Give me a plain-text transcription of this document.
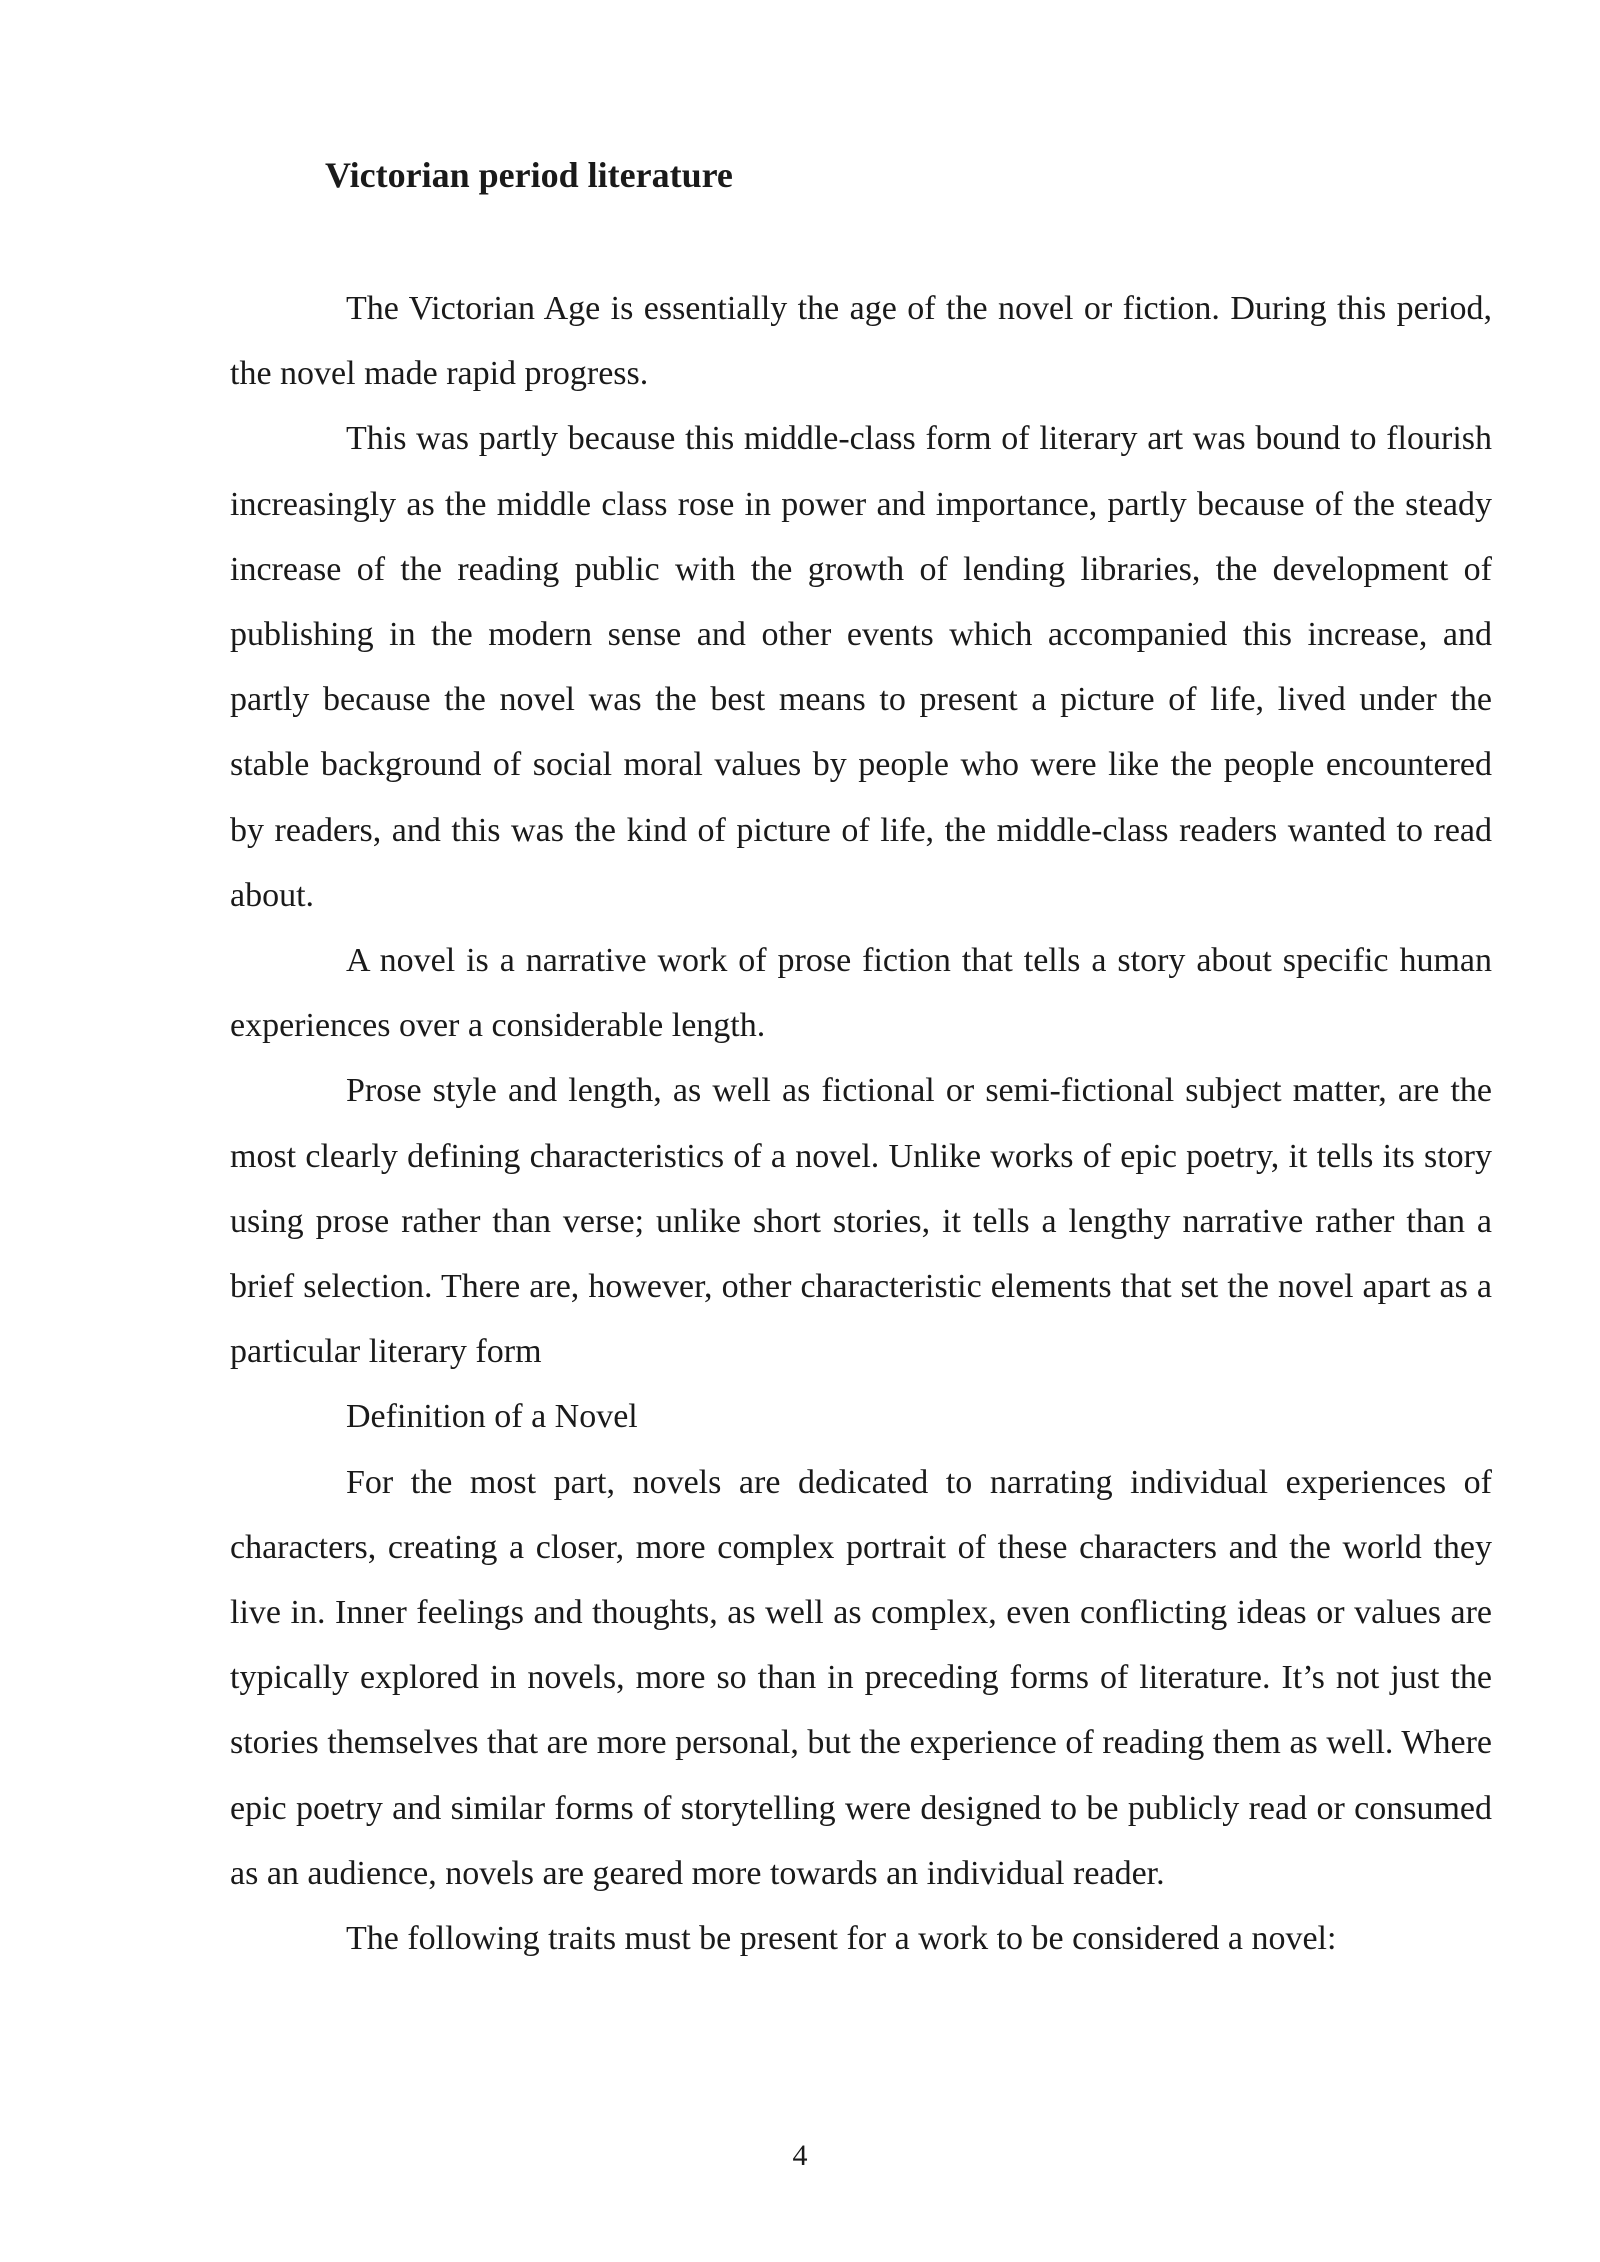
Victorian period literature

The Victorian Age is essentially the age of the novel or fiction. During this period, the novel made rapid progress.

This was partly because this middle-class form of literary art was bound to flourish increasingly as the middle class rose in power and importance, partly because of the steady increase of the reading public with the growth of lending libraries, the development of publishing in the modern sense and other events which accompanied this increase, and partly because the novel was the best means to present a picture of life, lived under the stable background of social moral values by people who were like the people encountered by readers, and this was the kind of picture of life, the middle-class readers wanted to read about.

A novel is a narrative work of prose fiction that tells a story about specific human experiences over a considerable length.

Prose style and length, as well as fictional or semi-fictional subject matter, are the most clearly defining characteristics of a novel. Unlike works of epic poetry, it tells its story using prose rather than verse; unlike short stories, it tells a lengthy narrative rather than a brief selection. There are, however, other characteristic elements that set the novel apart as a particular literary form

Definition of a Novel

For the most part, novels are dedicated to narrating individual experiences of characters, creating a closer, more complex portrait of these characters and the world they live in. Inner feelings and thoughts, as well as complex, even conflicting ideas or values are typically explored in novels, more so than in preceding forms of literature. It’s not just the stories themselves that are more personal, but the experience of reading them as well. Where epic poetry and similar forms of storytelling were designed to be publicly read or consumed as an audience, novels are geared more towards an individual reader.

The following traits must be present for a work to be considered a novel:

4
